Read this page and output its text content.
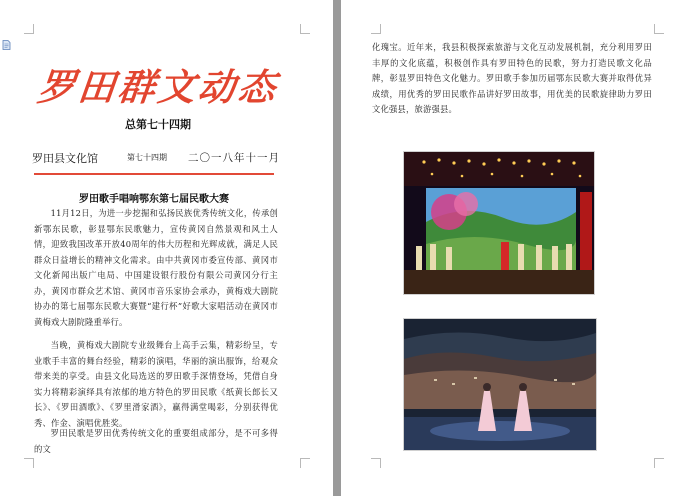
罗田群文动态
总第七十四期
罗田县文化馆	第七十四期 二〇一八年十一月
罗田歌手唱响鄂东第七届民歌大赛
11月12日，为进一步挖掘和弘扬民族优秀传统文化，传承创新鄂东民歌，彰显鄂东民歌魅力，宣传黄冈自然景观和风土人情，迎致我国改革开放40周年的伟大历程和光辉成就，满足人民群众日益增长的精神文化需求。由中共黄冈市委宣传部、黄冈市文化新闻出版广电局、中国建设银行股份有限公司黄冈分行主办，黄冈市群众艺术馆、黄冈市音乐家协会承办，黄梅戏大剧院协办的第七届鄂东民歌大赛暨“建行杯”好歌大家唱活动在黄冈市黄梅戏大剧院隆重举行。
当晚，黄梅戏大剧院专业级舞台上高手云集，精彩纷呈，专业歌手丰富的舞台经验，精彩的演唱，华丽的演出服饰，给观众带来美的享受。由县文化局选送的罗田歌手深情登场，凭借自身实力将精彩演绎具有浓郁的地方特色的罗田民歌《纸黄长郎长又长》、《罗田酒歌》、《罗里滑家酒》，赢得满堂喝彩，分别获得优秀、作金、演唱优胜奖。
罗田民歌是罗田优秀传统文化的重要组成部分，是不可多得的文
化瑰宝。近年来，我县积极探索旅游与文化互动发展机制，充分利用罗田丰厚的文化底蕴，积极创作具有罗田特色的民歌，努力打造民歌文化品牌，彰显罗田特色文化魅力。罗田歌手参加历届鄂东民歌大赛并取得优异成绩，用优秀的罗田民歌作品讲好罗田故事，用优美的民歌旋律助力罗田文化强县，旅游强县。
